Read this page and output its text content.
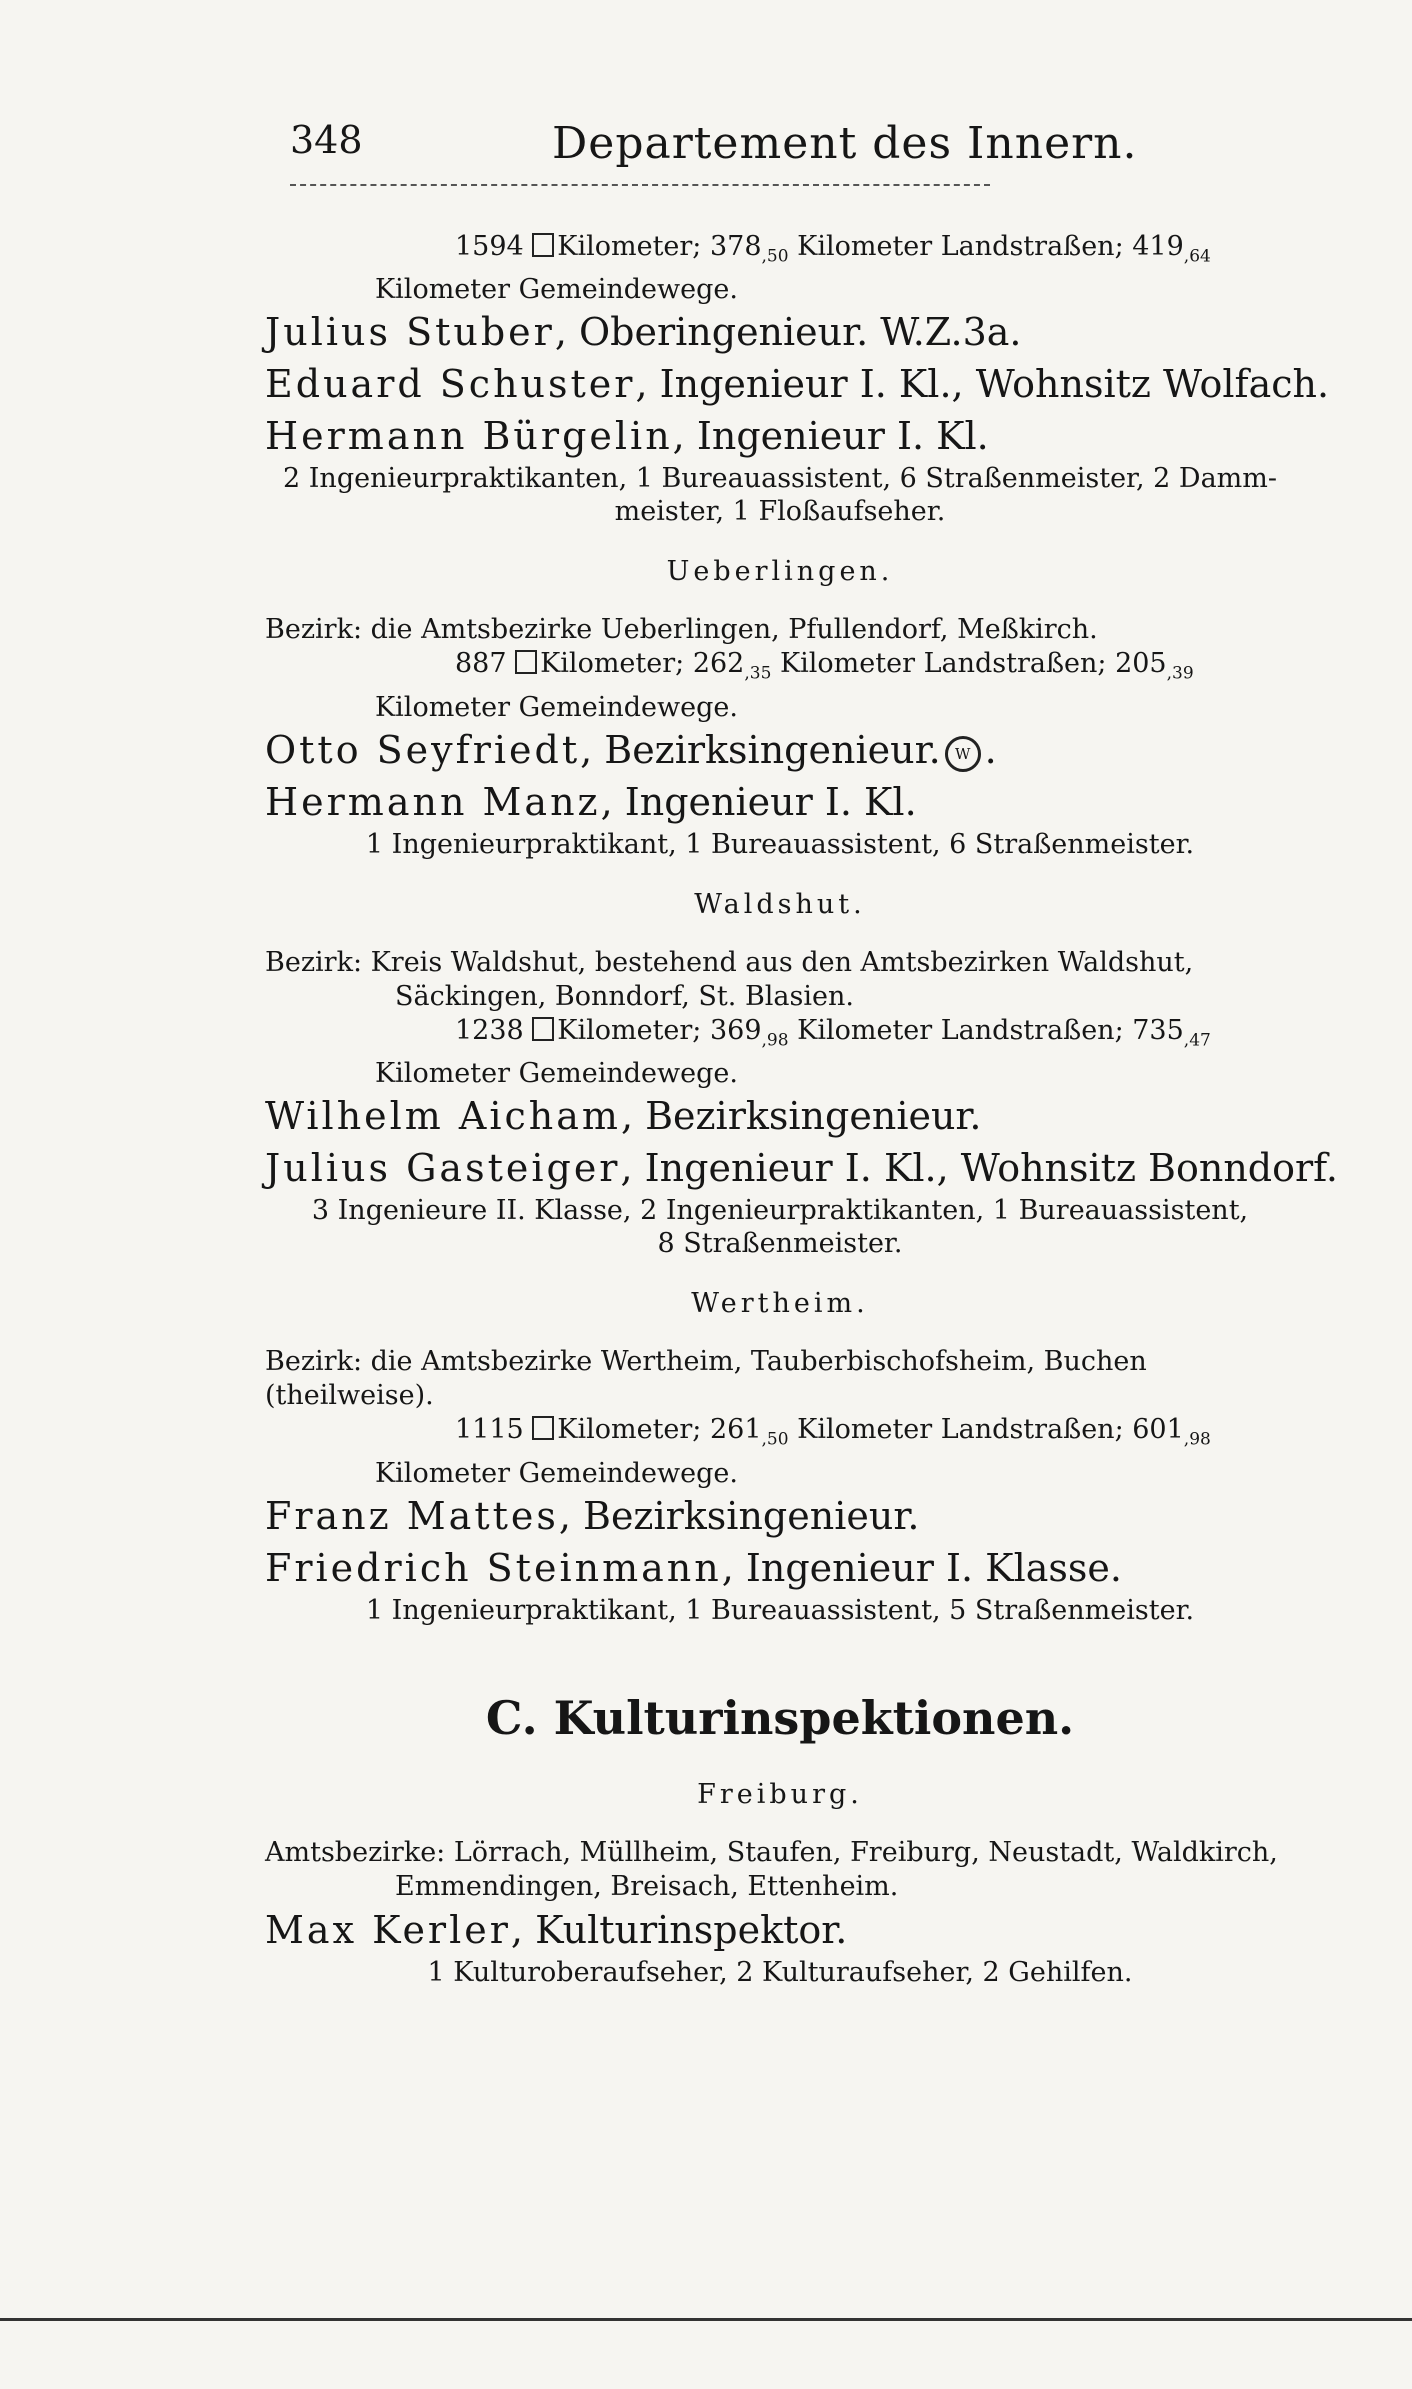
348	Departement des Innern.
1594 Kilometer; $378_{,50}$ Kilometer Landstraßen; $419_{,64}$
Kilometer Gemeindewege.
Julius Stuber, Oberingenieur. W.Z.3a.
Eduard Schuster, Ingenieur I. Kl., Wohnsitz Wolfach.
Hermann Bürgelin, Ingenieur I. Kl.
2 Ingenieurpraktikanten, 1 Bureauassistent, 6 Straßenmeister, 2 Damm-
meister, 1 Floßaufseher.
Ueberlingen.
Bezirk: die Amtsbezirke Ueberlingen, Pfullendorf, Meßkirch.
887 Kilometer; $262_{,35}$ Kilometer Landstraßen; $205_{,39}$
Kilometer Gemeindewege.
Otto Seyfriedt, Bezirksingenieur. W .
Hermann Manz, Ingenieur I. Kl.
1 Ingenieurpraktikant, 1 Bureauassistent, 6 Straßenmeister.
Waldshut.
Bezirk: Kreis Waldshut, bestehend aus den Amtsbezirken Waldshut,
Säckingen, Bonndorf, St. Blasien.
1238 Kilometer; $369_{,98}$ Kilometer Landstraßen; $735_{,47}$
Kilometer Gemeindewege.
Wilhelm Aicham, Bezirksingenieur.
Julius Gasteiger, Ingenieur I. Kl., Wohnsitz Bonndorf.
3 Ingenieure II. Klasse, 2 Ingenieurpraktikanten, 1 Bureauassistent,
8 Straßenmeister.
Wertheim.
Bezirk: die Amtsbezirke Wertheim, Tauberbischofsheim, Buchen (theilweise).
1115 Kilometer; $261_{,50}$ Kilometer Landstraßen; $601_{,98}$
Kilometer Gemeindewege.
Franz Mattes, Bezirksingenieur.
Friedrich Steinmann, Ingenieur I. Klasse.
1 Ingenieurpraktikant, 1 Bureauassistent, 5 Straßenmeister.
C. Kulturinspektionen.
Freiburg.
Amtsbezirke: Lörrach, Müllheim, Staufen, Freiburg, Neustadt, Waldkirch,
Emmendingen, Breisach, Ettenheim.
Max Kerler, Kulturinspektor.
1 Kulturoberaufseher, 2 Kulturaufseher, 2 Gehilfen.
